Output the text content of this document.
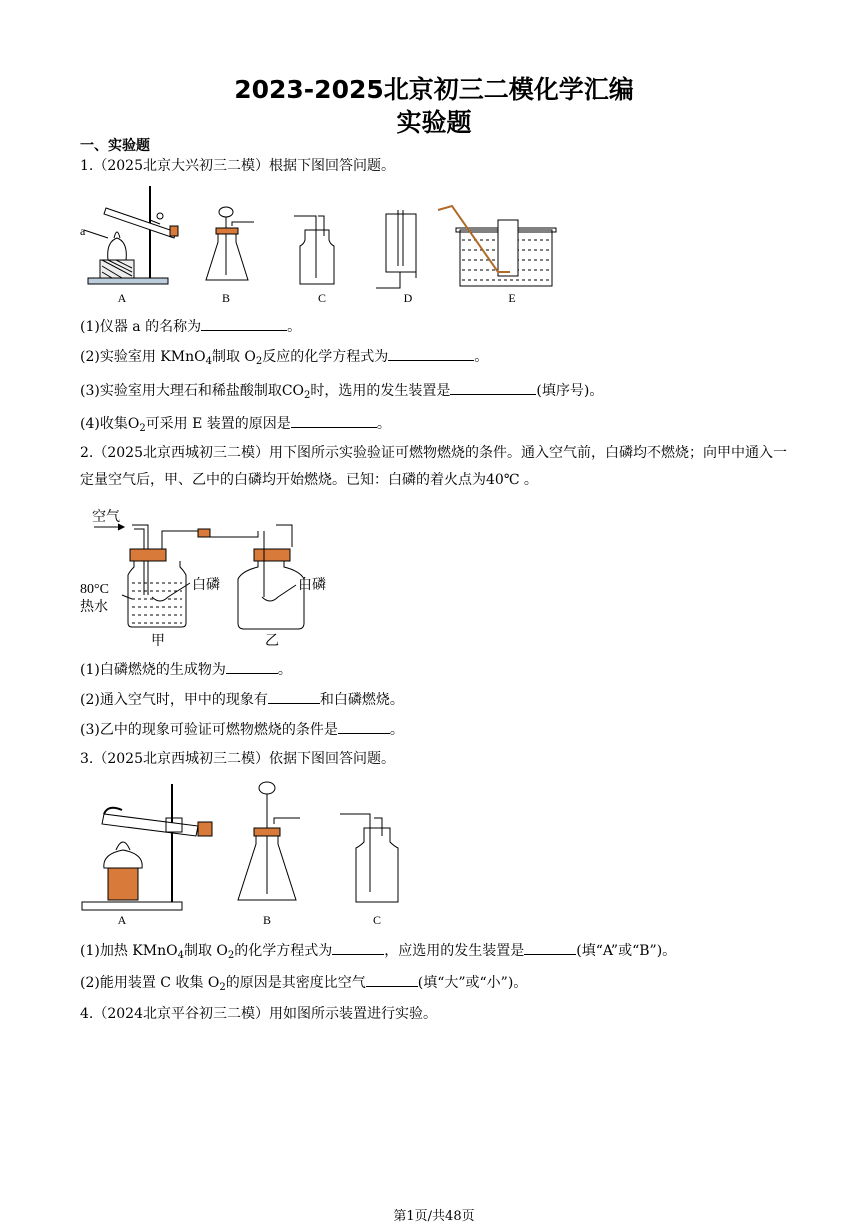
2023-2025北京初三二模化学汇编
实验题
一、实验题
1.（2025北京大兴初三二模）根据下图回答问题。
a
A	B	C	D	E
(1)仪器 a 的名称为	。
(2)实验室用 KMnO$_4$制取 $O_2$反应的化学方程式为	。
(3)实验室用大理石和稀盐酸制取$CO_2$时，选用的发生装置是	(填序号)。
(4)收集$O_2$可采用 E 装置的原因是	。
2.（2025北京西城初三二模）用下图所示实验验证可燃物燃烧的条件。通入空气前，白磷均不燃烧；向甲中通入一定量空气后，甲、乙中的白磷均开始燃烧。已知：白磷的着火点为40℃ 。
空气
80°C
热水
白磷	白磷
甲	乙
(1)白磷燃烧的生成物为	。
(2)通入空气时，甲中的现象有	和白磷燃烧。
(3)乙中的现象可验证可燃物燃烧的条件是	。
3.（2025北京西城初三二模）依据下图回答问题。
A	B	C
(1)加热 KMnO$_4$制取 $O_2$的化学方程式为	，应选用的发生装置是	(填“A”或“B”)。
(2)能用装置 C 收集 $O_2$的原因是其密度比空气	(填“大”或“小”)。
4.（2024北京平谷初三二模）用如图所示装置进行实验。
第1页/共48页
